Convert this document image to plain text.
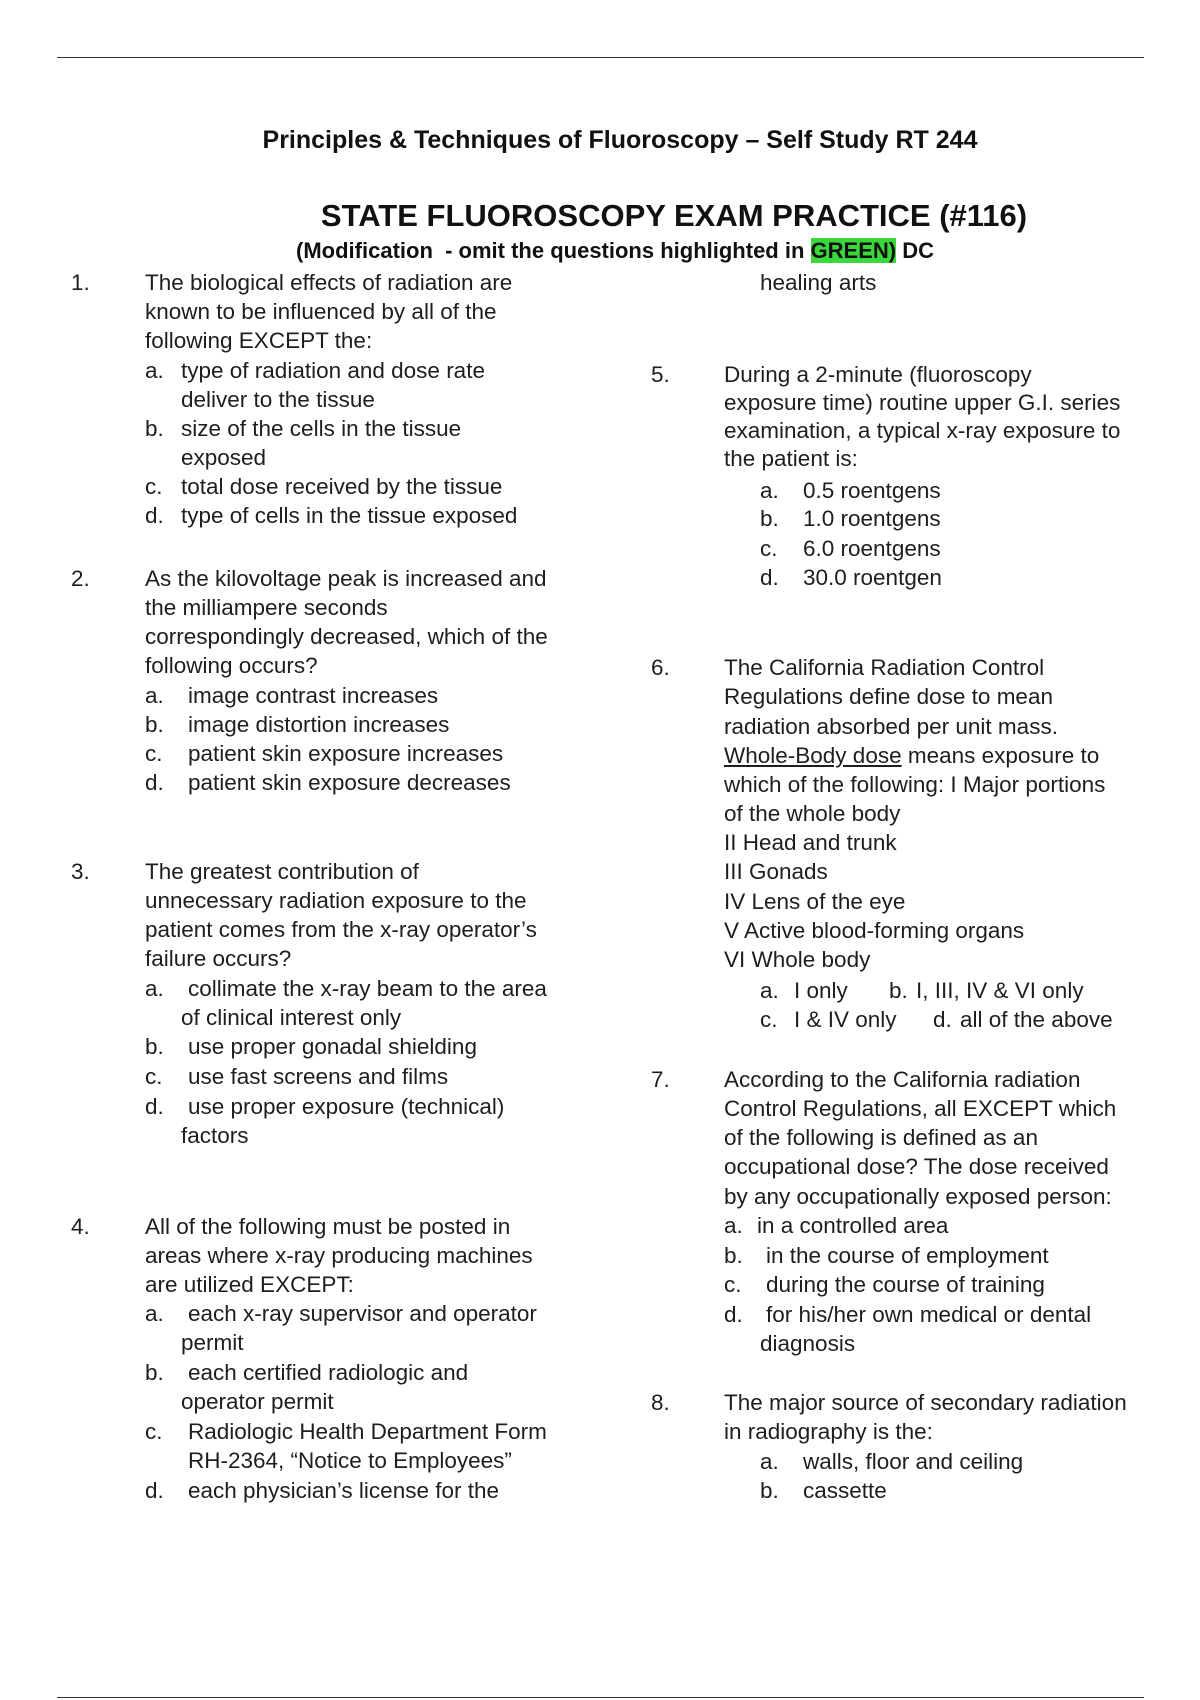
Principles & Techniques of Fluoroscopy – Self Study RT 244
STATE FLUOROSCOPY EXAM PRACTICE (#116)
(Modification  - omit the questions highlighted in GREEN) DC
1. The biological effects of radiation are
known to be influenced by all of the
following EXCEPT the:
a. type of radiation and dose rate
deliver to the tissue
b. size of the cells in the tissue
exposed
c. total dose received by the tissue
d. type of cells in the tissue exposed
2. As the kilovoltage peak is increased and
the milliampere seconds
correspondingly decreased, which of the
following occurs?
a. image contrast increases
b. image distortion increases
c. patient skin exposure increases
d. patient skin exposure decreases
3. The greatest contribution of
unnecessary radiation exposure to the
patient comes from the x-ray operator’s
failure occurs?
a. collimate the x-ray beam to the area
of clinical interest only
b. use proper gonadal shielding
c. use fast screens and films
d. use proper exposure (technical)
factors
4. All of the following must be posted in
areas where x-ray producing machines
are utilized EXCEPT:
a. each x-ray supervisor and operator
permit
b. each certified radiologic and
operator permit
c. Radiologic Health Department Form
RH-2364, “Notice to Employees”
d. each physician’s license for the
healing arts
5. During a 2-minute (fluoroscopy
exposure time) routine upper G.I. series
examination, a typical x-ray exposure to
the patient is:
a. 0.5 roentgens
b. 1.0 roentgens
c. 6.0 roentgens
d. 30.0 roentgen
6. The California Radiation Control
Regulations define dose to mean
radiation absorbed per unit mass.
Whole-Body dose means exposure to
which of the following: I Major portions
of the whole body
II Head and trunk
III Gonads
IV Lens of the eye
V Active blood-forming organs
VI Whole body
a. I only b. I, III, IV & VI only
c. I & IV only d. all of the above
7. According to the California radiation
Control Regulations, all EXCEPT which
of the following is defined as an
occupational dose? The dose received
by any occupationally exposed person:
a. in a controlled area
b. in the course of employment
c. during the course of training
d. for his/her own medical or dental
diagnosis
8. The major source of secondary radiation
in radiography is the:
a. walls, floor and ceiling
b. cassette
